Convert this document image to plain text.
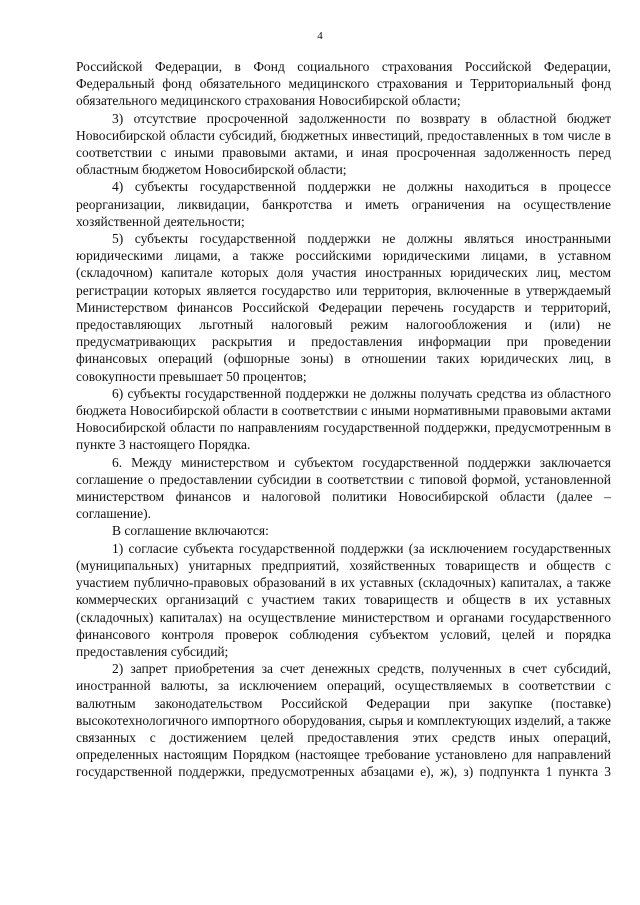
4

Российской Федерации, в Фонд социального страхования Российской Федерации, Федеральный фонд обязательного медицинского страхования и Территориальный фонд обязательного медицинского страхования Новосибирской области;

3) отсутствие просроченной задолженности по возврату в областной бюджет Новосибирской области субсидий, бюджетных инвестиций, предоставленных в том числе в соответствии с иными правовыми актами, и иная просроченная задолженность перед областным бюджетом Новосибирской области;

4) субъекты государственной поддержки не должны находиться в процессе реорганизации, ликвидации, банкротства и иметь ограничения на осуществление хозяйственной деятельности;

5) субъекты государственной поддержки не должны являться иностранными юридическими лицами, а также российскими юридическими лицами, в уставном (складочном) капитале которых доля участия иностранных юридических лиц, местом регистрации которых является государство или территория, включенные в утверждаемый Министерством финансов Российской Федерации перечень государств и территорий, предоставляющих льготный налоговый режим налогообложения и (или) не предусматривающих раскрытия и предоставления информации при проведении финансовых операций (офшорные зоны) в отношении таких юридических лиц, в совокупности превышает 50 процентов;

6) субъекты государственной поддержки не должны получать средства из областного бюджета Новосибирской области в соответствии с иными нормативными правовыми актами Новосибирской области по направлениям государственной поддержки, предусмотренным в пункте 3 настоящего Порядка.

6. Между министерством и субъектом государственной поддержки заключается соглашение о предоставлении субсидии в соответствии с типовой формой, установленной министерством финансов и налоговой политики Новосибирской области (далее – соглашение).

В соглашение включаются:

1) согласие субъекта государственной поддержки (за исключением государственных (муниципальных) унитарных предприятий, хозяйственных товариществ и обществ с участием публично-правовых образований в их уставных (складочных) капиталах, а также коммерческих организаций с участием таких товариществ и обществ в их уставных (складочных) капиталах) на осуществление министерством и органами государственного финансового контроля проверок соблюдения субъектом условий, целей и порядка предоставления субсидий;

2) запрет приобретения за счет денежных средств, полученных в счет субсидий, иностранной валюты, за исключением операций, осуществляемых в соответствии с валютным законодательством Российской Федерации при закупке (поставке) высокотехнологичного импортного оборудования, сырья и комплектующих изделий, а также связанных с достижением целей предоставления этих средств иных операций, определенных настоящим Порядком (настоящее требование установлено для направлений государственной поддержки, предусмотренных абзацами е), ж), з) подпункта 1 пункта 3
